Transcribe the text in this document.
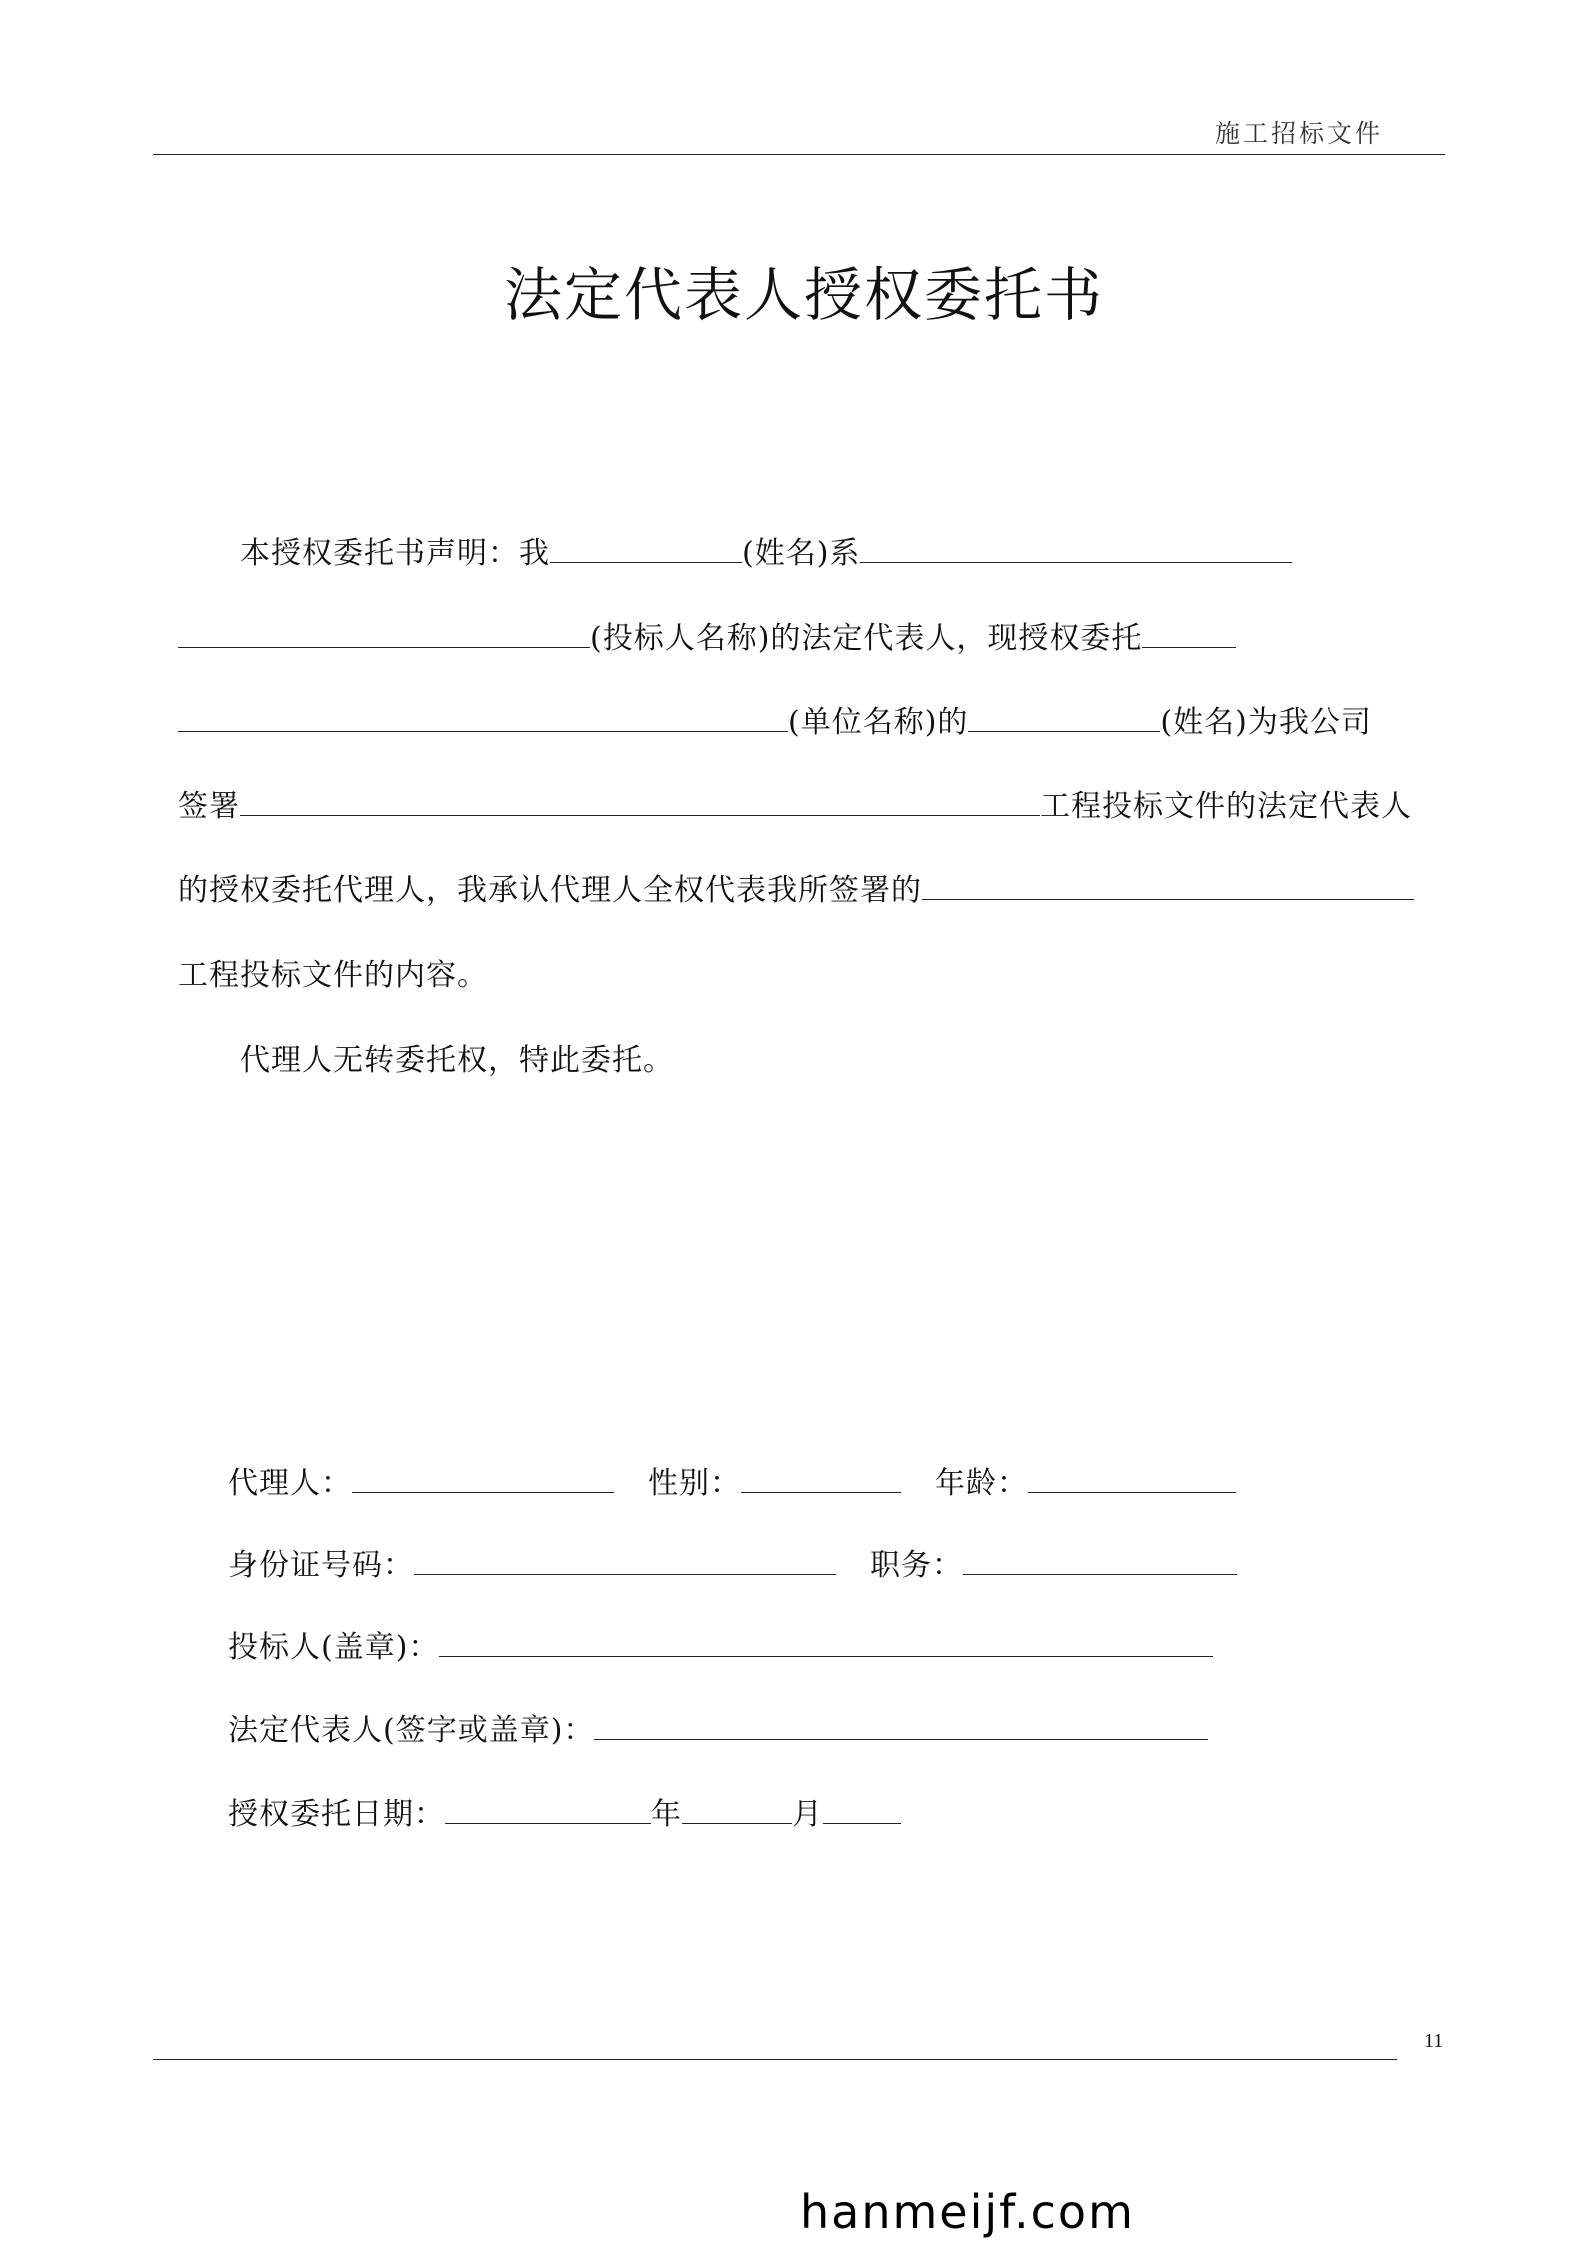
施工招标文件
法定代表人授权委托书
本授权委托书声明：我	(姓名)系
(投标人名称)的法定代表人，现授权委托
(单位名称)的	(姓名)为我公司
签署	工程投标文件的法定代表人
的授权委托代理人，我承认代理人全权代表我所签署的
工程投标文件的内容。
代理人无转委托权，特此委托。
代理人：	性别：	年龄：
身份证号码：	职务：
投标人(盖章)：
法定代表人(签字或盖章)：
授权委托日期：	年	月
11
hanmeijf.com
